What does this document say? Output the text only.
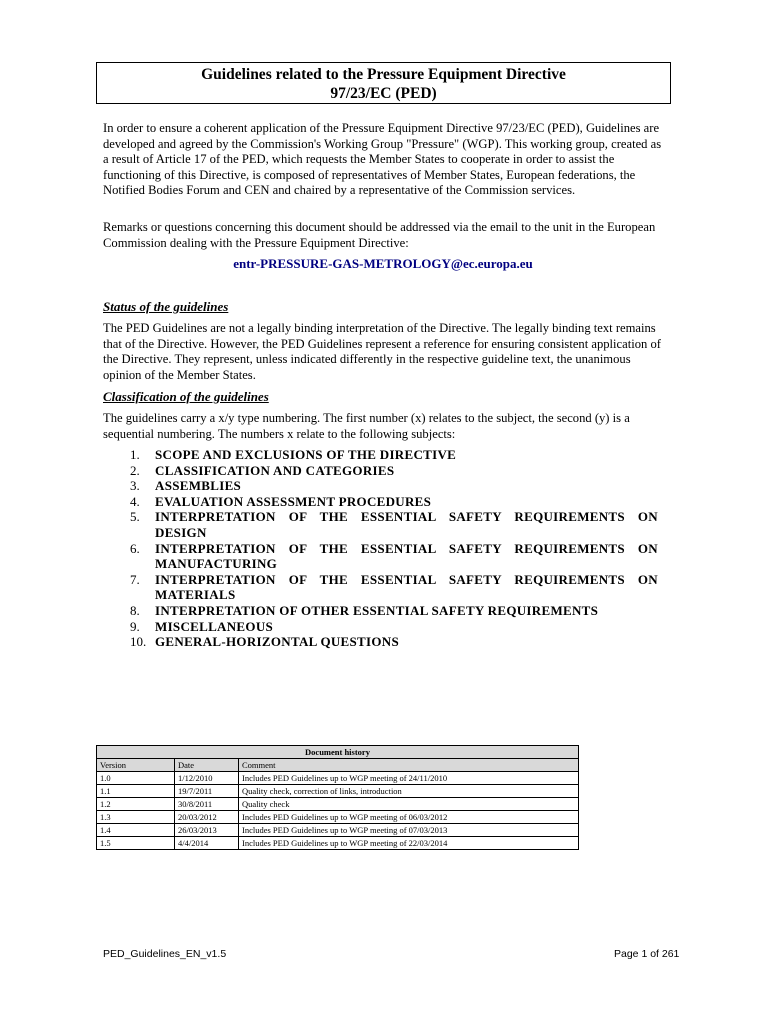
Guidelines related to the Pressure Equipment Directive
97/23/EC (PED)

In order to ensure a coherent application of the Pressure Equipment Directive 97/23/EC (PED), Guidelines are developed and agreed by the Commission's Working Group "Pressure" (WGP). This working group, created as a result of Article 17 of the PED, which requests the Member States to cooperate in order to assist the functioning of this Directive, is composed of representatives of Member States, European federations, the Notified Bodies Forum and CEN and chaired by a representative of the Commission services.

Remarks or questions concerning this document should be addressed via the email to the unit in the European Commission dealing with the Pressure Equipment Directive:

entr-PRESSURE-GAS-METROLOGY@ec.europa.eu
Status of the guidelines

The PED Guidelines are not a legally binding interpretation of the Directive. The legally binding text remains that of the Directive. However, the PED Guidelines represent a reference for ensuring consistent application of the Directive. They represent, unless indicated differently in the respective guideline text, the unanimous opinion of the Member States.

Classification of the guidelines

The guidelines carry a x/y type numbering. The first number (x) relates to the subject, the second (y) is a sequential numbering. The numbers x relate to the following subjects:

1.	SCOPE AND EXCLUSIONS OF THE DIRECTIVE
2.	CLASSIFICATION AND CATEGORIES
3.	ASSEMBLIES
4.	EVALUATION ASSESSMENT PROCEDURES
5.	INTERPRETATION OF THE ESSENTIAL SAFETY REQUIREMENTS ON
DESIGN
6.	INTERPRETATION OF THE ESSENTIAL SAFETY REQUIREMENTS ON
MANUFACTURING
7.	INTERPRETATION OF THE ESSENTIAL SAFETY REQUIREMENTS ON
MATERIALS
8.	INTERPRETATION OF OTHER ESSENTIAL SAFETY REQUIREMENTS
9.	MISCELLANEOUS
10. GENERAL-HORIZONTAL QUESTIONS
Document history		
Version	Date	Comment
1.0	1/12/2010	Includes PED Guidelines up to WGP meeting of 24/11/2010
1.1	19/7/2011	Quality check, correction of links, introduction
1.2	30/8/2011	Quality check
1.3	20/03/2012	Includes PED Guidelines up to WGP meeting of 06/03/2012
1.4	26/03/2013	Includes PED Guidelines up to WGP meeting of 07/03/2013
1.5	4/4/2014	Includes PED Guidelines up to WGP meeting of 22/03/2014
PED_Guidelines_EN_v1.5	Page 1 of 261
